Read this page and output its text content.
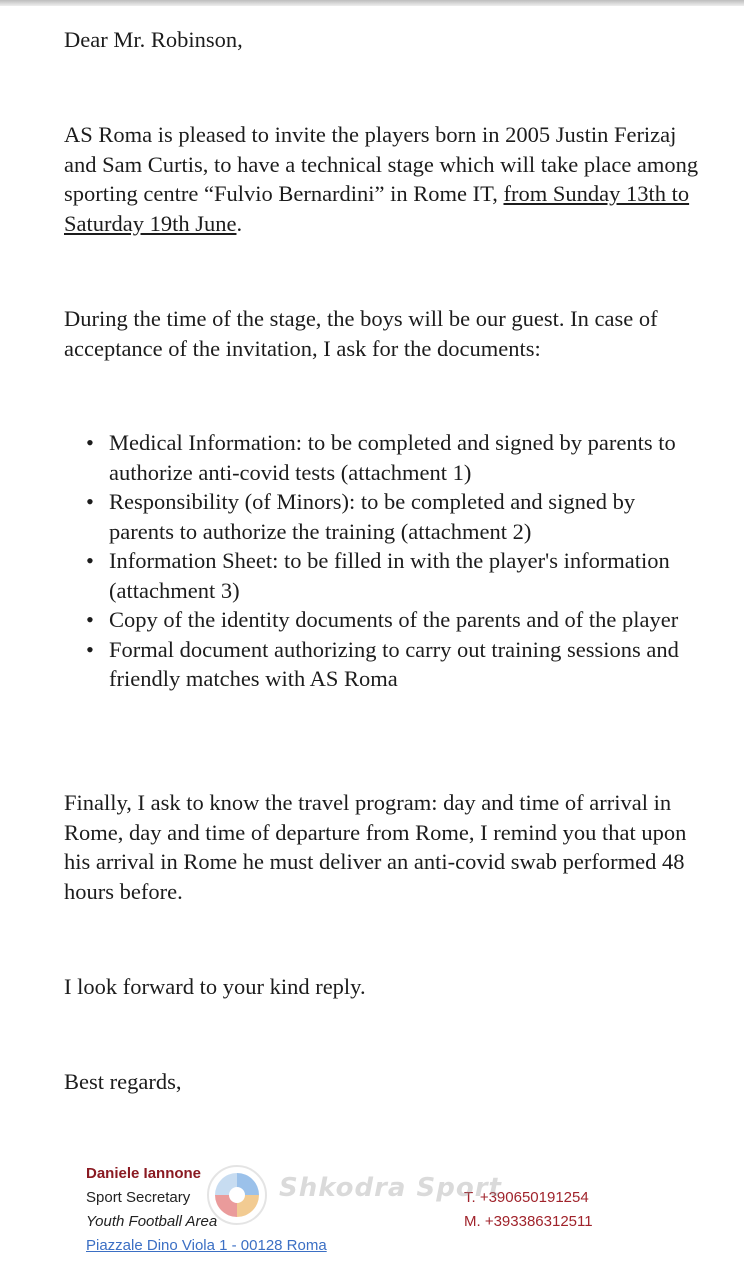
Dear Mr. Robinson,

AS Roma is pleased to invite the players born in 2005 Justin Ferizaj and Sam Curtis, to have a technical stage which will take place among sporting centre “Fulvio Bernardini” in Rome IT, from Sunday 13th to Saturday 19th June.

During the time of the stage, the boys will be our guest. In case of acceptance of the invitation, I ask for the documents:

• Medical Information: to be completed and signed by parents to authorize anti-covid tests (attachment 1)
• Responsibility (of Minors): to be completed and signed by parents to authorize the training (attachment 2)
• Information Sheet: to be filled in with the player's information (attachment 3)
• Copy of the identity documents of the parents and of the player
• Formal document authorizing to carry out training sessions and friendly matches with AS Roma

Finally, I ask to know the travel program: day and time of arrival in Rome, day and time of departure from Rome, I remind you that upon his arrival in Rome he must deliver an anti-covid swab performed 48 hours before.

I look forward to your kind reply.

Best regards,

Daniele Iannone
Sport Secretary
Youth Football Area
Piazzale Dino Viola 1 - 00128 Roma
T. +390650191254
M. +393386312511
Shkodra Sport
